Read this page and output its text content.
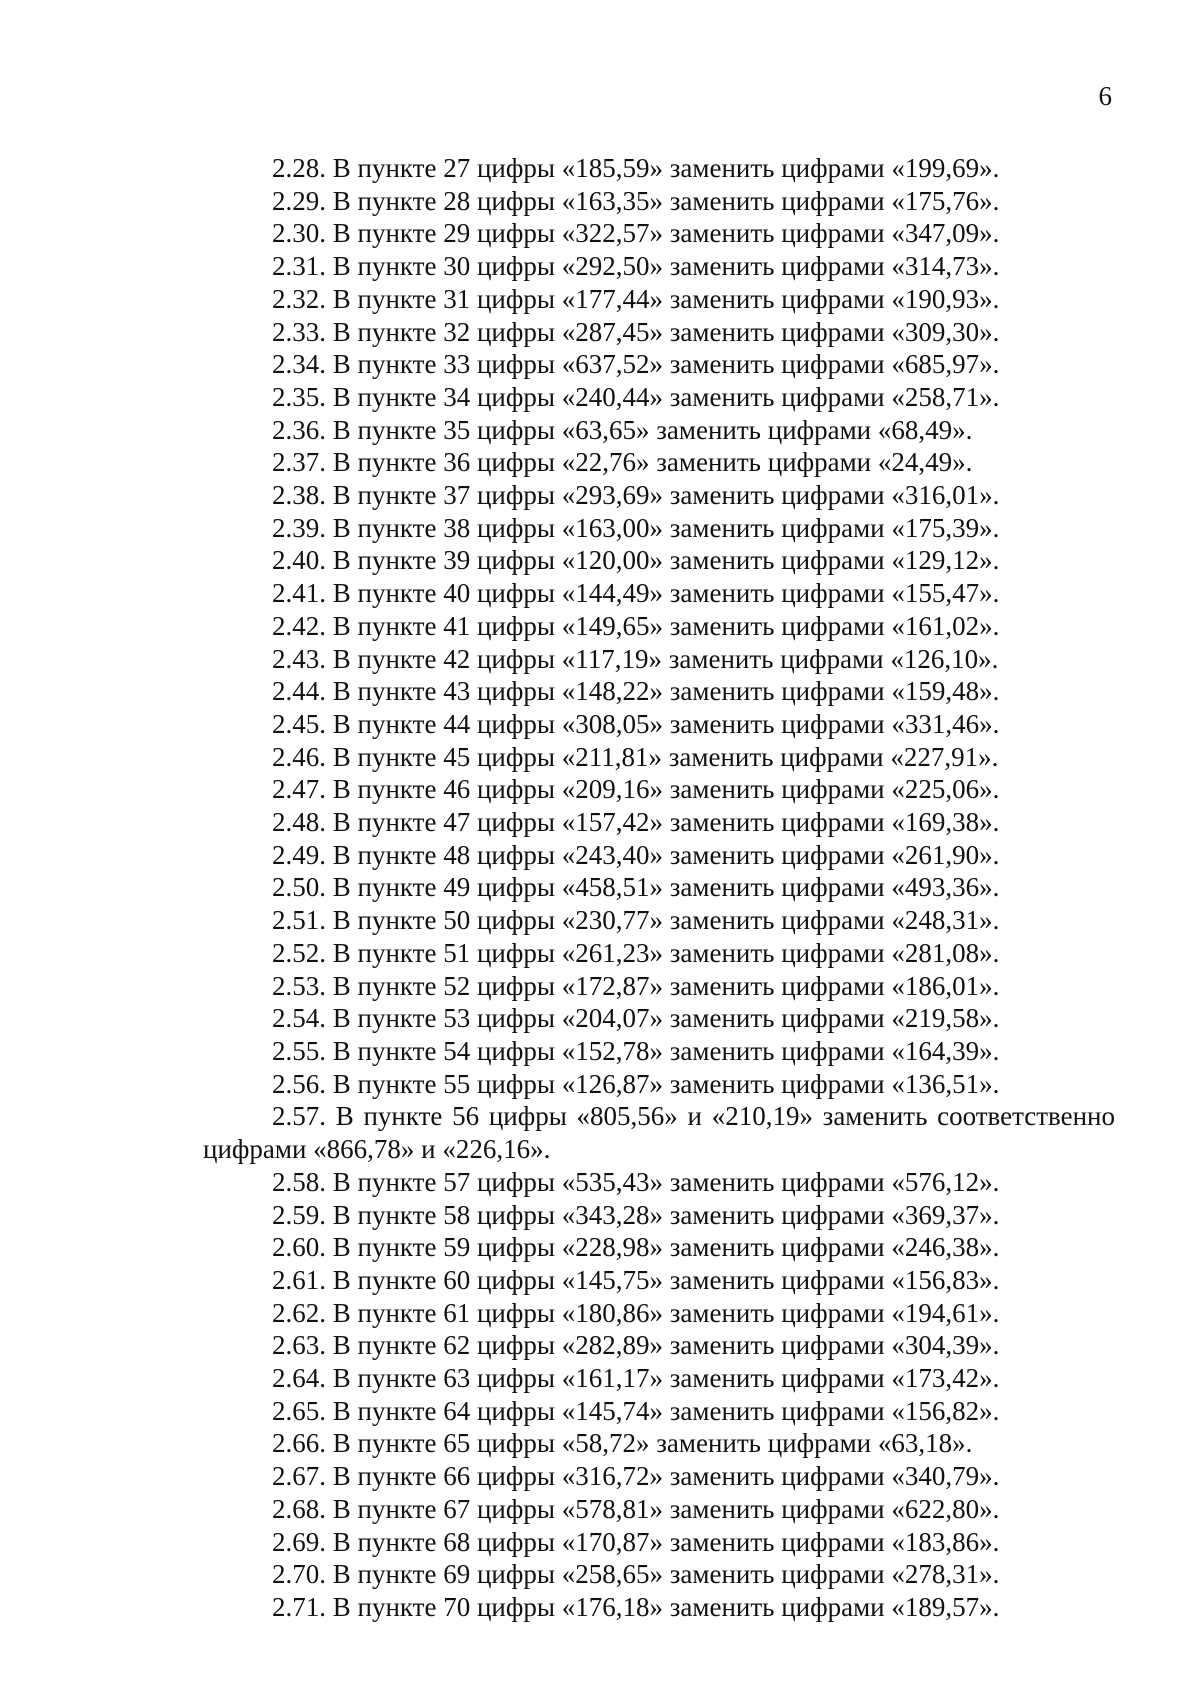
6
2.28. В пункте 27 цифры «185,59» заменить цифрами «199,69».
2.29. В пункте 28 цифры «163,35» заменить цифрами «175,76».
2.30. В пункте 29 цифры «322,57» заменить цифрами «347,09».
2.31. В пункте 30 цифры «292,50» заменить цифрами «314,73».
2.32. В пункте 31 цифры «177,44» заменить цифрами «190,93».
2.33. В пункте 32 цифры «287,45» заменить цифрами «309,30».
2.34. В пункте 33 цифры «637,52» заменить цифрами «685,97».
2.35. В пункте 34 цифры «240,44» заменить цифрами «258,71».
2.36. В пункте 35 цифры «63,65» заменить цифрами «68,49».
2.37. В пункте 36 цифры «22,76» заменить цифрами «24,49».
2.38. В пункте 37 цифры «293,69» заменить цифрами «316,01».
2.39. В пункте 38 цифры «163,00» заменить цифрами «175,39».
2.40. В пункте 39 цифры «120,00» заменить цифрами «129,12».
2.41. В пункте 40 цифры «144,49» заменить цифрами «155,47».
2.42. В пункте 41 цифры «149,65» заменить цифрами «161,02».
2.43. В пункте 42 цифры «117,19» заменить цифрами «126,10».
2.44. В пункте 43 цифры «148,22» заменить цифрами «159,48».
2.45. В пункте 44 цифры «308,05» заменить цифрами «331,46».
2.46. В пункте 45 цифры «211,81» заменить цифрами «227,91».
2.47. В пункте 46 цифры «209,16» заменить цифрами «225,06».
2.48. В пункте 47 цифры «157,42» заменить цифрами «169,38».
2.49. В пункте 48 цифры «243,40» заменить цифрами «261,90».
2.50. В пункте 49 цифры «458,51» заменить цифрами «493,36».
2.51. В пункте 50 цифры «230,77» заменить цифрами «248,31».
2.52. В пункте 51 цифры «261,23» заменить цифрами «281,08».
2.53. В пункте 52 цифры «172,87» заменить цифрами «186,01».
2.54. В пункте 53 цифры «204,07» заменить цифрами «219,58».
2.55. В пункте 54 цифры «152,78» заменить цифрами «164,39».
2.56. В пункте 55 цифры «126,87» заменить цифрами «136,51».
2.57. В пункте 56 цифры «805,56» и «210,19» заменить соответственно цифрами «866,78» и «226,16».
2.58. В пункте 57 цифры «535,43» заменить цифрами «576,12».
2.59. В пункте 58 цифры «343,28» заменить цифрами «369,37».
2.60. В пункте 59 цифры «228,98» заменить цифрами «246,38».
2.61. В пункте 60 цифры «145,75» заменить цифрами «156,83».
2.62. В пункте 61 цифры «180,86» заменить цифрами «194,61».
2.63. В пункте 62 цифры «282,89» заменить цифрами «304,39».
2.64. В пункте 63 цифры «161,17» заменить цифрами «173,42».
2.65. В пункте 64 цифры «145,74» заменить цифрами «156,82».
2.66. В пункте 65 цифры «58,72» заменить цифрами «63,18».
2.67. В пункте 66 цифры «316,72» заменить цифрами «340,79».
2.68. В пункте 67 цифры «578,81» заменить цифрами «622,80».
2.69. В пункте 68 цифры «170,87» заменить цифрами «183,86».
2.70. В пункте 69 цифры «258,65» заменить цифрами «278,31».
2.71. В пункте 70 цифры «176,18» заменить цифрами «189,57».
